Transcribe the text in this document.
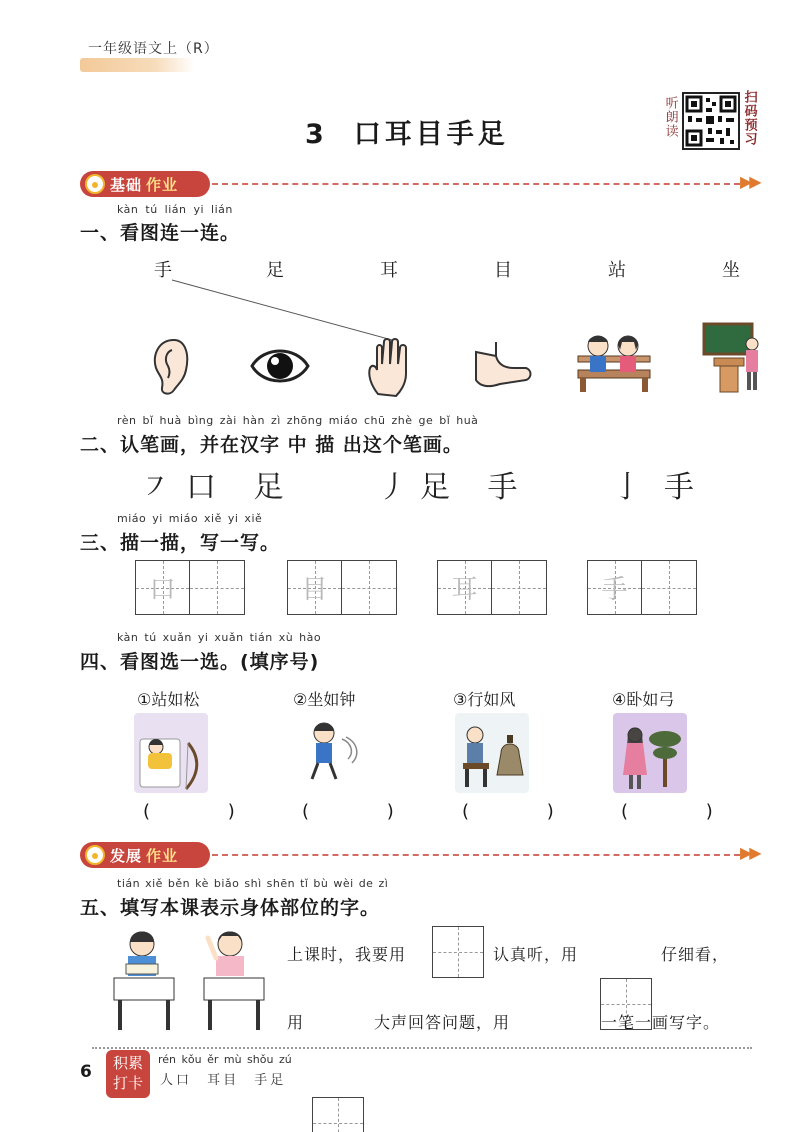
一年级语文上（R）
3 口耳目手足	听朗读	扫码预习
基础 作业	▶▶
kàn tú lián yi lián
一、看图连一连。
手	足	耳	目	站	坐
rèn bǐ huà bìng zài hàn zì zhōng miáo chū zhè ge bǐ huà
二、认笔画，并在汉字 中 描 出这个笔画。
㇇ 口 足	丿 足 手	亅 手
miáo yi miáo xiě yi xiě
三、描一描，写一写。
口	目	耳	手
kàn tú xuǎn yi xuǎn tián xù hào
四、看图选一选。(填序号)
①站如松	②坐如钟	③行如风	④卧如弓
( ) ( ) ( ) ( )
发展 作业	▶▶
tián xiě běn kè biǎo shì shēn tǐ bù wèi de zì
五、填写本课表示身体部位的字。
上课时，我要用	认真听，用	仔细看，
用	大声回答问题，用	一笔一画写字。
6	积累
打卡
rén kǒu ěr mù shǒu zú
人口 耳目 手足
